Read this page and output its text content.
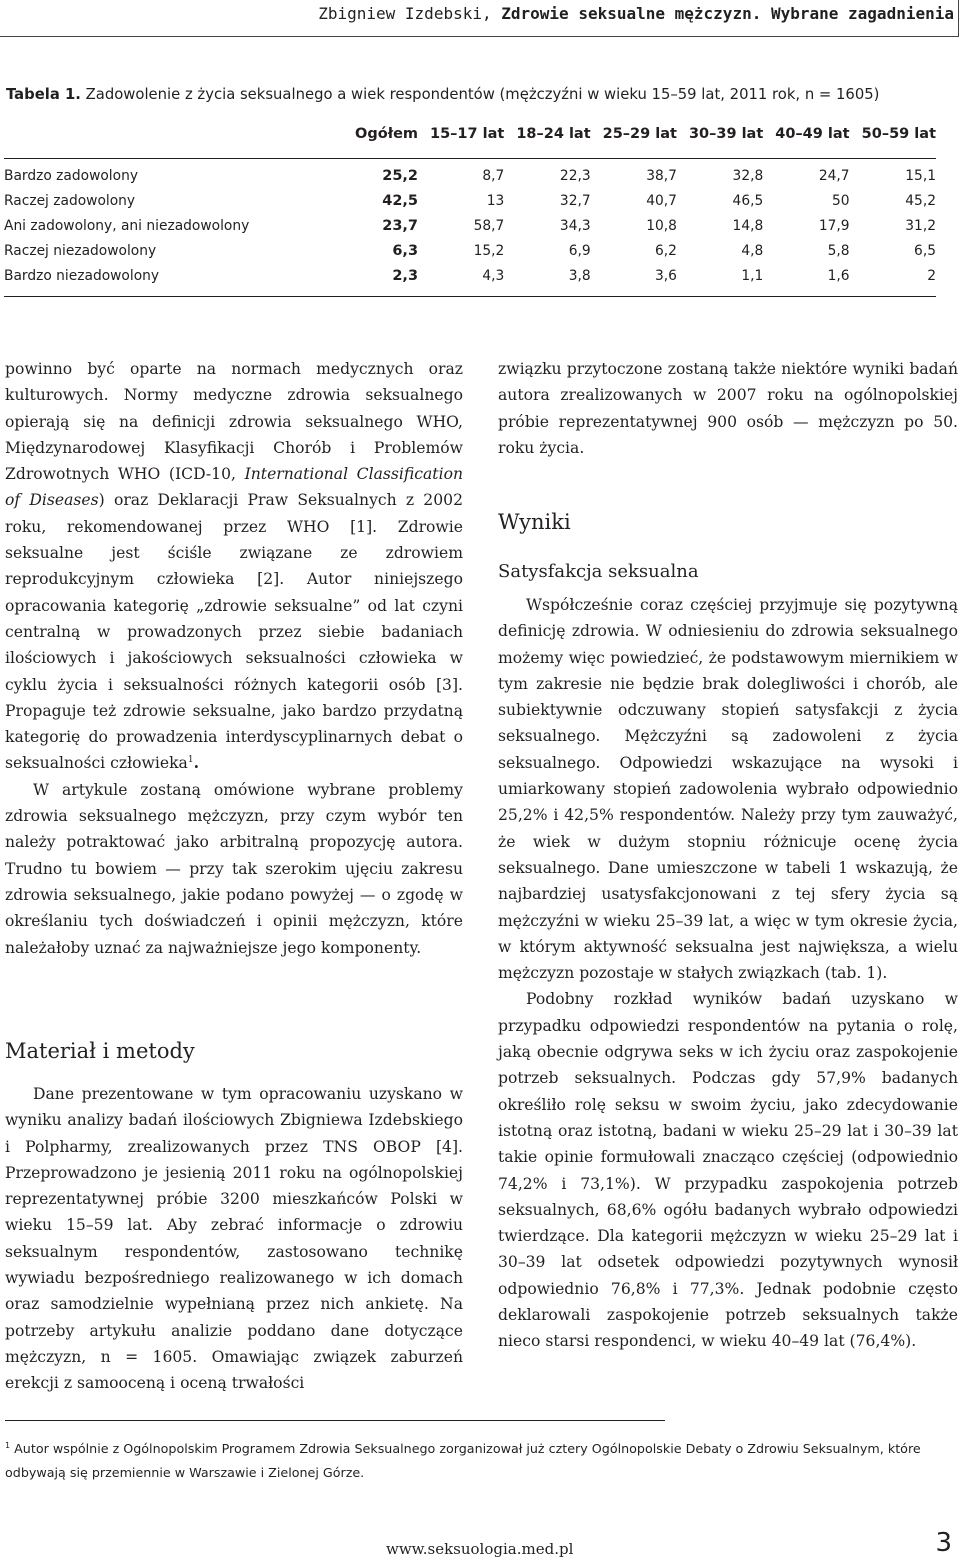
Zbigniew Izdebski, Zdrowie seksualne mężczyzn. Wybrane zagadnienia
Tabela 1. Zadowolenie z życia seksualnego a wiek respondentów (mężczyźni w wieku 15–59 lat, 2011 rok, n = 1605)
	Ogółem	15–17 lat	18–24 lat	25–29 lat	30–39 lat	40–49 lat	50–59 lat
Bardzo zadowolony	25,2	8,7	22,3	38,7	32,8	24,7	15,1
Raczej zadowolony	42,5	13	32,7	40,7	46,5	50	45,2
Ani zadowolony, ani niezadowolony	23,7	58,7	34,3	10,8	14,8	17,9	31,2
Raczej niezadowolony	6,3	15,2	6,9	6,2	4,8	5,8	6,5
Bardzo niezadowolony	2,3	4,3	3,8	3,6	1,1	1,6	2

powinno być oparte na normach medycznych oraz kulturowych. Normy medyczne zdrowia seksualnego opierają się na definicji zdrowia seksualnego WHO, Międzynarodowej Klasyfikacji Chorób i Problemów Zdrowotnych WHO (ICD-10, International Classification of Diseases) oraz Deklaracji Praw Seksualnych z 2002 roku, rekomendowanej przez WHO [1]. Zdrowie seksualne jest ściśle związane ze zdrowiem reprodukcyjnym człowieka [2]. Autor niniejszego opracowania kategorię „zdrowie seksualne” od lat czyni centralną w prowadzonych przez siebie badaniach ilościowych i jakościowych seksualności człowieka w cyklu życia i seksualności różnych kategorii osób [3]. Propaguje też zdrowie seksualne, jako bardzo przydatną kategorię do prowadzenia interdyscyplinarnych debat o seksualności człowieka$^1$.

W artykule zostaną omówione wybrane problemy zdrowia seksualnego mężczyzn, przy czym wybór ten należy potraktować jako arbitralną propozycję autora. Trudno tu bowiem — przy tak szerokim ujęciu zakresu zdrowia seksualnego, jakie podano powyżej — o zgodę w określaniu tych doświadczeń i opinii mężczyzn, które należałoby uznać za najważniejsze jego komponenty.

Materiał i metody

Dane prezentowane w tym opracowaniu uzyskano w wyniku analizy badań ilościowych Zbigniewa Izdebskiego i Polpharmy, zrealizowanych przez TNS OBOP [4]. Przeprowadzono je jesienią 2011 roku na ogólnopolskiej reprezentatywnej próbie 3200 mieszkańców Polski w wieku 15–59 lat. Aby zebrać informacje o zdrowiu seksualnym respondentów, zastosowano technikę wywiadu bezpośredniego realizowanego w ich domach oraz samodzielnie wypełnianą przez nich ankietę. Na potrzeby artykułu analizie poddano dane dotyczące mężczyzn, n = 1605. Omawiając związek zaburzeń erekcji z samooceną i oceną trwałości

związku przytoczone zostaną także niektóre wyniki badań autora zrealizowanych w 2007 roku na ogólnopolskiej próbie reprezentatywnej 900 osób — mężczyzn po 50. roku życia.

Wyniki
Satysfakcja seksualna

Współcześnie coraz częściej przyjmuje się pozytywną definicję zdrowia. W odniesieniu do zdrowia seksualnego możemy więc powiedzieć, że podstawowym miernikiem w tym zakresie nie będzie brak dolegliwości i chorób, ale subiektywnie odczuwany stopień satysfakcji z życia seksualnego. Mężczyźni są zadowoleni z życia seksualnego. Odpowiedzi wskazujące na wysoki i umiarkowany stopień zadowolenia wybrało odpowiednio 25,2% i 42,5% respondentów. Należy przy tym zauważyć, że wiek w dużym stopniu różnicuje ocenę życia seksualnego. Dane umieszczone w tabeli 1 wskazują, że najbardziej usatysfakcjonowani z tej sfery życia są mężczyźni w wieku 25–39 lat, a więc w tym okresie życia, w którym aktywność seksualna jest największa, a wielu mężczyzn pozostaje w stałych związkach (tab. 1).

Podobny rozkład wyników badań uzyskano w przypadku odpowiedzi respondentów na pytania o rolę, jaką obecnie odgrywa seks w ich życiu oraz zaspokojenie potrzeb seksualnych. Podczas gdy 57,9% badanych określiło rolę seksu w swoim życiu, jako zdecydowanie istotną oraz istotną, badani w wieku 25–29 lat i 30–39 lat takie opinie formułowali znacząco częściej (odpowiednio 74,2% i 73,1%). W przypadku zaspokojenia potrzeb seksualnych, 68,6% ogółu badanych wybrało odpowiedzi twierdzące. Dla kategorii mężczyzn w wieku 25–29 lat i 30–39 lat odsetek odpowiedzi pozytywnych wynosił odpowiednio 76,8% i 77,3%. Jednak podobnie często deklarowali zaspokojenie potrzeb seksualnych także nieco starsi respondenci, w wieku 40–49 lat (76,4%).

$^1$ Autor wspólnie z Ogólnopolskim Programem Zdrowia Seksualnego zorganizował już cztery Ogólnopolskie Debaty o Zdrowiu Seksualnym, które odbywają się przemiennie w Warszawie i Zielonej Górze.
www.seksuologia.med.pl	3
